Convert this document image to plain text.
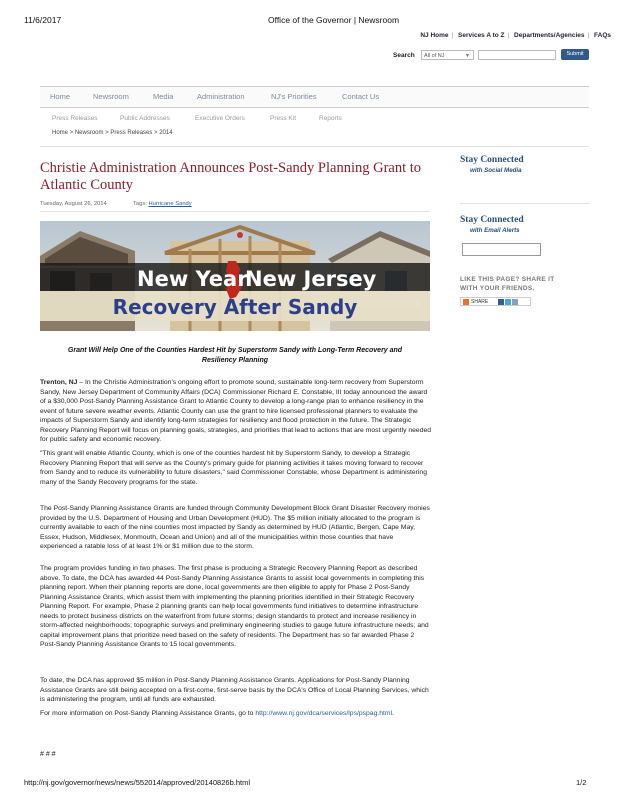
11/6/2017	Office of the Governor | Newsroom
NJ Home | Services A to Z | Departments/Agencies | FAQs
Search	All of NJ	▼	Submit
Home	Newsroom	Media	Administration	NJ's Priorities	Contact Us
Press Releases	Public Addresses	Executive Orders	Press Kit	Reports
Home > Newsroom > Press Releases > 2014
Christie Administration Announces Post-Sandy Planning Grant to Atlantic County
Tuesday, August 26, 2014	Tags: Hurricane Sandy
New Year
New Jersey
Recovery After Sandy
Grant Will Help One of the Counties Hardest Hit by Superstorm Sandy with Long-Term Recovery and Resiliency Planning
Trenton, NJ – In the Christie Administration's ongoing effort to promote sound, sustainable long-term recovery from Superstorm Sandy, New Jersey Department of Community Affairs (DCA) Commissioner Richard E. Constable, III today announced the award of a $30,000 Post-Sandy Planning Assistance Grant to Atlantic County to develop a long-range plan to enhance resiliency in the event of future severe weather events. Atlantic County can use the grant to hire licensed professional planners to evaluate the impacts of Superstorm Sandy and identify long-term strategies for resiliency and flood protection in the future. The Strategic Recovery Planning Report will focus on planning goals, strategies, and priorities that lead to actions that are most urgently needed for public safety and economic recovery.
"This grant will enable Atlantic County, which is one of the counties hardest hit by Superstorm Sandy, to develop a Strategic Recovery Planning Report that will serve as the County's primary guide for planning activities it takes moving forward to recover from Sandy and to reduce its vulnerability to future disasters," said Commissioner Constable, whose Department is administering many of the Sandy Recovery programs for the state.
The Post-Sandy Planning Assistance Grants are funded through Community Development Block Grant Disaster Recovery monies provided by the U.S. Department of Housing and Urban Development (HUD). The $5 million initially allocated to the program is currently available to each of the nine counties most impacted by Sandy as determined by HUD (Atlantic, Bergen, Cape May, Essex, Hudson, Middlesex, Monmouth, Ocean and Union) and all of the municipalities within those counties that have experienced a ratable loss of at least 1% or $1 million due to the storm.
The program provides funding in two phases. The first phase is producing a Strategic Recovery Planning Report as described above. To date, the DCA has awarded 44 Post-Sandy Planning Assistance Grants to assist local governments in completing this planning report. When their planning reports are done, local governments are then eligible to apply for Phase 2 Post-Sandy Planning Assistance Grants, which assist them with implementing the planning priorities identified in their Strategic Recovery Planning Report. For example, Phase 2 planning grants can help local governments fund initiatives to determine infrastructure needs to protect business districts on the waterfront from future storms; design standards to protect and increase resiliency in storm-affected neighborhoods; topographic surveys and preliminary engineering studies to gauge future infrastructure needs; and capital improvement plans that prioritize need based on the safety of residents. The Department has so far awarded Phase 2 Post-Sandy Planning Assistance Grants to 15 local governments.
To date, the DCA has approved $5 million in Post-Sandy Planning Assistance Grants. Applications for Post-Sandy Planning Assistance Grants are still being accepted on a first-come, first-serve basis by the DCA's Office of Local Planning Services, which is administering the program, until all funds are exhausted.
For more information on Post-Sandy Planning Assistance Grants, go to http://www.nj.gov/dca/services/lps/pspag.html.
# # #
Stay Connected
with Social Media
Stay Connected
with Email Alerts
LIKE THIS PAGE? SHARE IT
WITH YOUR FRIENDS.
SHARE
http://nj.gov/governor/news/news/552014/approved/20140826b.html	1/2
